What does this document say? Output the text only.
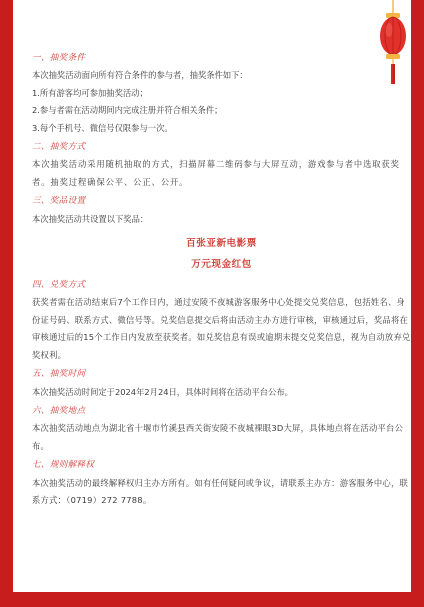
一、抽奖条件
本次抽奖活动面向所有符合条件的参与者，抽奖条件如下：
1.所有游客均可参加抽奖活动；
2.参与者需在活动期间内完成注册并符合相关条件；
3.每个手机号、微信号仅限参与一次。
二、抽奖方式
本次抽奖活动采用随机抽取的方式，扫描屏幕二维码参与大屏互动，游戏参与者中选取获奖者。抽奖过程确保公平、公正、公开。
三、奖品设置
本次抽奖活动共设置以下奖品：
百张亚新电影票
万元现金红包
四、兑奖方式
获奖者需在活动结束后7个工作日内，通过安陵不夜城游客服务中心处提交兑奖信息，包括姓名、身份证号码、联系方式、微信号等。兑奖信息提交后将由活动主办方进行审核，审核通过后，奖品将在审核通过后的15个工作日内发放至获奖者。如兑奖信息有误或逾期未提交兑奖信息，视为自动放弃兑奖权利。
五、抽奖时间
本次抽奖活动时间定于2024年2月24日，具体时间将在活动平台公布。
六、抽奖地点
本次抽奖活动地点为湖北省十堰市竹溪县西关街安陵不夜城裸眼3D大屏，具体地点将在活动平台公布。
七、规则解释权
本次抽奖活动的最终解释权归主办方所有。如有任何疑问或争议，请联系主办方：游客服务中心，联系方式：（0719）272 7788。
